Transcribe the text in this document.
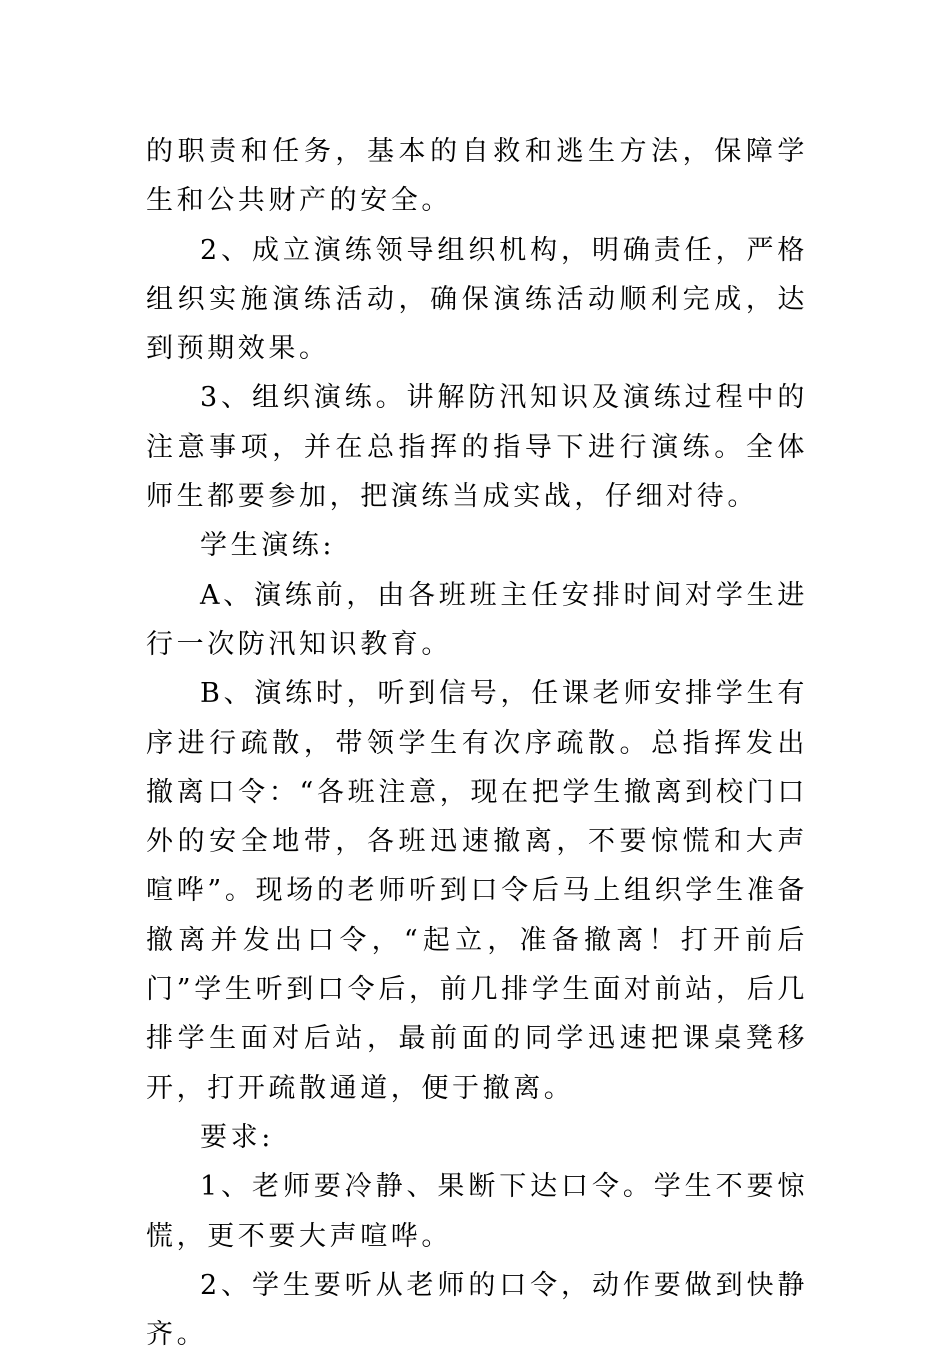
的职责和任务，基本的自救和逃生方法，保障学生和公共财产的安全。

2、成立演练领导组织机构，明确责任，严格组织实施演练活动，确保演练活动顺利完成，达到预期效果。

3、组织演练。讲解防汛知识及演练过程中的注意事项，并在总指挥的指导下进行演练。全体师生都要参加，把演练当成实战，仔细对待。

学生演练:

A、演练前，由各班班主任安排时间对学生进行一次防汛知识教育。

B、演练时，听到信号，任课老师安排学生有序进行疏散，带领学生有次序疏散。总指挥发出撤离口令：“各班注意，现在把学生撤离到校门口外的安全地带，各班迅速撤离，不要惊慌和大声喧哗”。现场的老师听到口令后马上组织学生准备撤离并发出口令，“起立，准备撤离！打开前后门”学生听到口令后，前几排学生面对前站，后几排学生面对后站，最前面的同学迅速把课桌凳移开，打开疏散通道，便于撤离。

要求:

1、老师要冷静、果断下达口令。学生不要惊慌，更不要大声喧哗。

2、学生要听从老师的口令，动作要做到快静齐。
